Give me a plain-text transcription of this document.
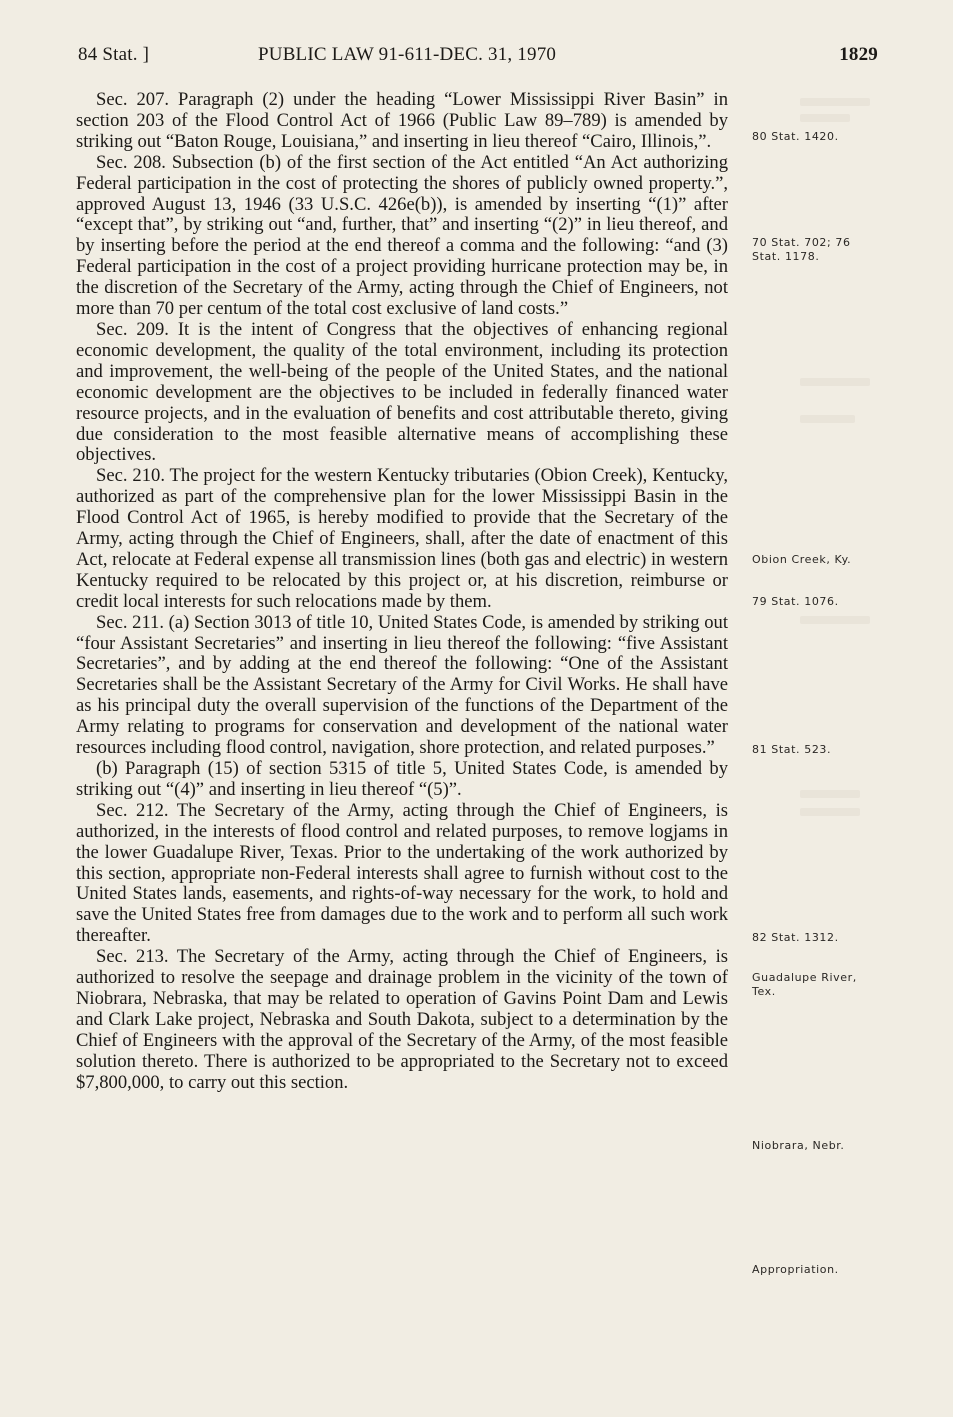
84 Stat. ]	PUBLIC LAW 91-611-DEC. 31, 1970	1829

Sec. 207. Paragraph (2) under the heading “Lower Mississippi River Basin” in section 203 of the Flood Control Act of 1966 (Public Law 89–789) is amended by striking out “Baton Rouge, Louisiana,” and inserting in lieu thereof “Cairo, Illinois,”.

Sec. 208. Subsection (b) of the first section of the Act entitled “An Act authorizing Federal participation in the cost of protecting the shores of publicly owned property.”, approved August 13, 1946 (33 U.S.C. 426e(b)), is amended by inserting “(1)” after “except that”, by striking out “and, further, that” and inserting “(2)” in lieu thereof, and by inserting before the period at the end thereof a comma and the following: “and (3) Federal participation in the cost of a project providing hurricane protection may be, in the discretion of the Secretary of the Army, acting through the Chief of Engineers, not more than 70 per centum of the total cost exclusive of land costs.”

Sec. 209. It is the intent of Congress that the objectives of enhancing regional economic development, the quality of the total environment, including its protection and improvement, the well-being of the people of the United States, and the national economic development are the objectives to be included in federally financed water resource projects, and in the evaluation of benefits and cost attributable thereto, giving due consideration to the most feasible alternative means of accomplishing these objectives.

Sec. 210. The project for the western Kentucky tributaries (Obion Creek), Kentucky, authorized as part of the comprehensive plan for the lower Mississippi Basin in the Flood Control Act of 1965, is hereby modified to provide that the Secretary of the Army, acting through the Chief of Engineers, shall, after the date of enactment of this Act, relocate at Federal expense all transmission lines (both gas and electric) in western Kentucky required to be relocated by this project or, at his discretion, reimburse or credit local interests for such relocations made by them.

Sec. 211. (a) Section 3013 of title 10, United States Code, is amended by striking out “four Assistant Secretaries” and inserting in lieu thereof the following: “five Assistant Secretaries”, and by adding at the end thereof the following: “One of the Assistant Secretaries shall be the Assistant Secretary of the Army for Civil Works. He shall have as his principal duty the overall supervision of the functions of the Department of the Army relating to programs for conservation and development of the national water resources including flood control, navigation, shore protection, and related purposes.”

(b) Paragraph (15) of section 5315 of title 5, United States Code, is amended by striking out “(4)” and inserting in lieu thereof “(5)”.

Sec. 212. The Secretary of the Army, acting through the Chief of Engineers, is authorized, in the interests of flood control and related purposes, to remove logjams in the lower Guadalupe River, Texas. Prior to the undertaking of the work authorized by this section, appropriate non-Federal interests shall agree to furnish without cost to the United States lands, easements, and rights-of-way necessary for the work, to hold and save the United States free from damages due to the work and to perform all such work thereafter.

Sec. 213. The Secretary of the Army, acting through the Chief of Engineers, is authorized to resolve the seepage and drainage problem in the vicinity of the town of Niobrara, Nebraska, that may be related to operation of Gavins Point Dam and Lewis and Clark Lake project, Nebraska and South Dakota, subject to a determination by the Chief of Engineers with the approval of the Secretary of the Army, of the most feasible solution thereto. There is authorized to be appropriated to the Secretary not to exceed $7,800,000, to carry out this section.

80 Stat. 1420.
70 Stat. 702; 76 Stat. 1178.
Obion Creek, Ky.
79 Stat. 1076.
81 Stat. 523.
82 Stat. 1312.
Guadalupe River, Tex.
Niobrara, Nebr.
Appropriation.
